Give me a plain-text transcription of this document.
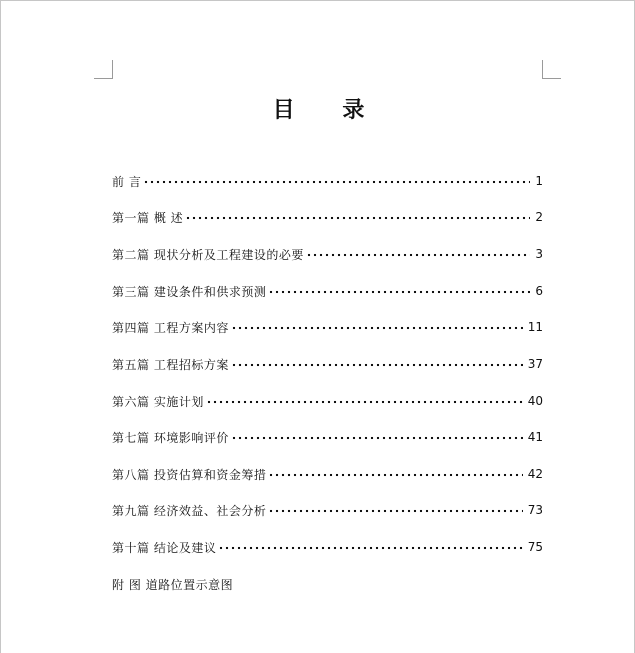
目 录
前 言	1
第一篇 概 述	2
第二篇 现状分析及工程建设的必要	3
第三篇 建设条件和供求预测	6
第四篇 工程方案内容	11
第五篇 工程招标方案	37
第六篇 实施计划	40
第七篇 环境影响评价	41
第八篇 投资估算和资金筹措	42
第九篇 经济效益、社会分析	73
第十篇 结论及建议	75
附 图 道路位置示意图
